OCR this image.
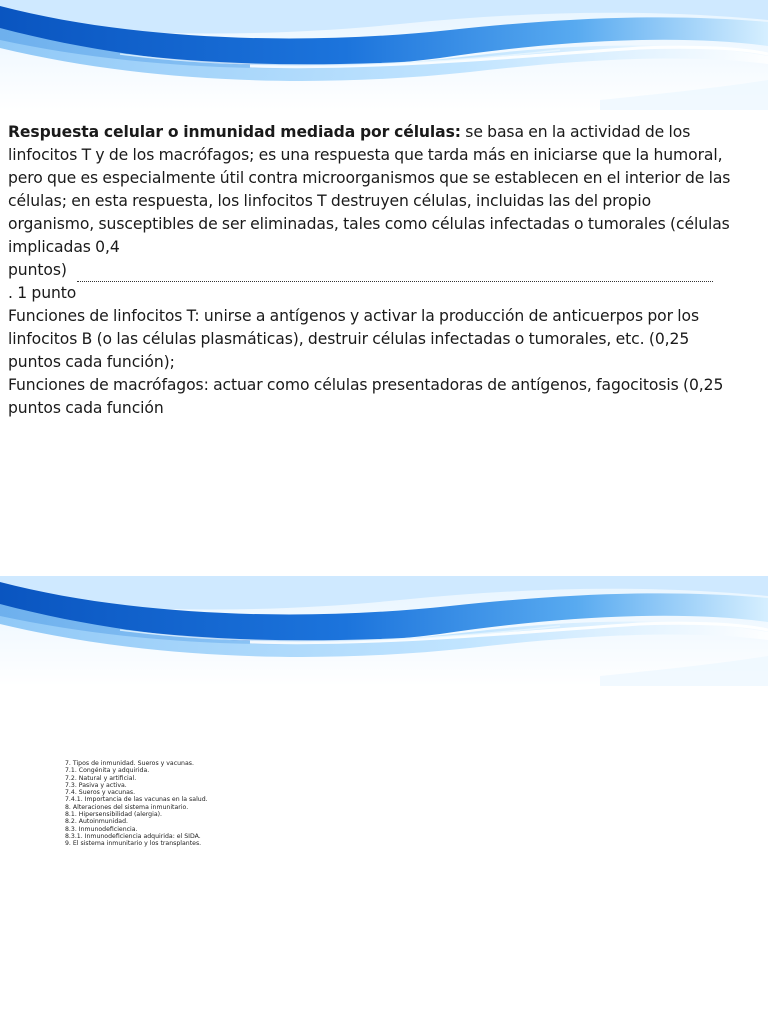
Respuesta celular o inmunidad mediada por células: se basa en la actividad de los linfocitos T y de los macrófagos; es una respuesta que tarda más en iniciarse que la humoral, pero que es especialmente útil contra microorganismos que se establecen en el interior de las células; en esta respuesta, los linfocitos T destruyen células, incluidas las del propio organismo, susceptibles de ser eliminadas, tales como células infectadas o tumorales (células implicadas 0,4

puntos)

. 1 punto

Funciones de linfocitos T: unirse a antígenos y activar la producción de anticuerpos por los linfocitos B (o las células plasmáticas), destruir células infectadas o tumorales, etc. (0,25 puntos cada función);

Funciones de macrófagos: actuar como células presentadoras de antígenos, fagocitosis (0,25 puntos cada función

7. Tipos de inmunidad. Sueros y vacunas.
7.1. Congénita y adquirida.
7.2. Natural y artificial.
7.3. Pasiva y activa.
7.4. Sueros y vacunas.
7.4.1. Importancia de las vacunas en la salud.
8. Alteraciones del sistema inmunitario.
8.1. Hipersensibilidad (alergia).
8.2. Autoinmunidad.
8.3. Inmunodeficiencia.
8.3.1. Inmunodeficiencia adquirida: el SIDA.
9. El sistema inmunitario y los transplantes.
